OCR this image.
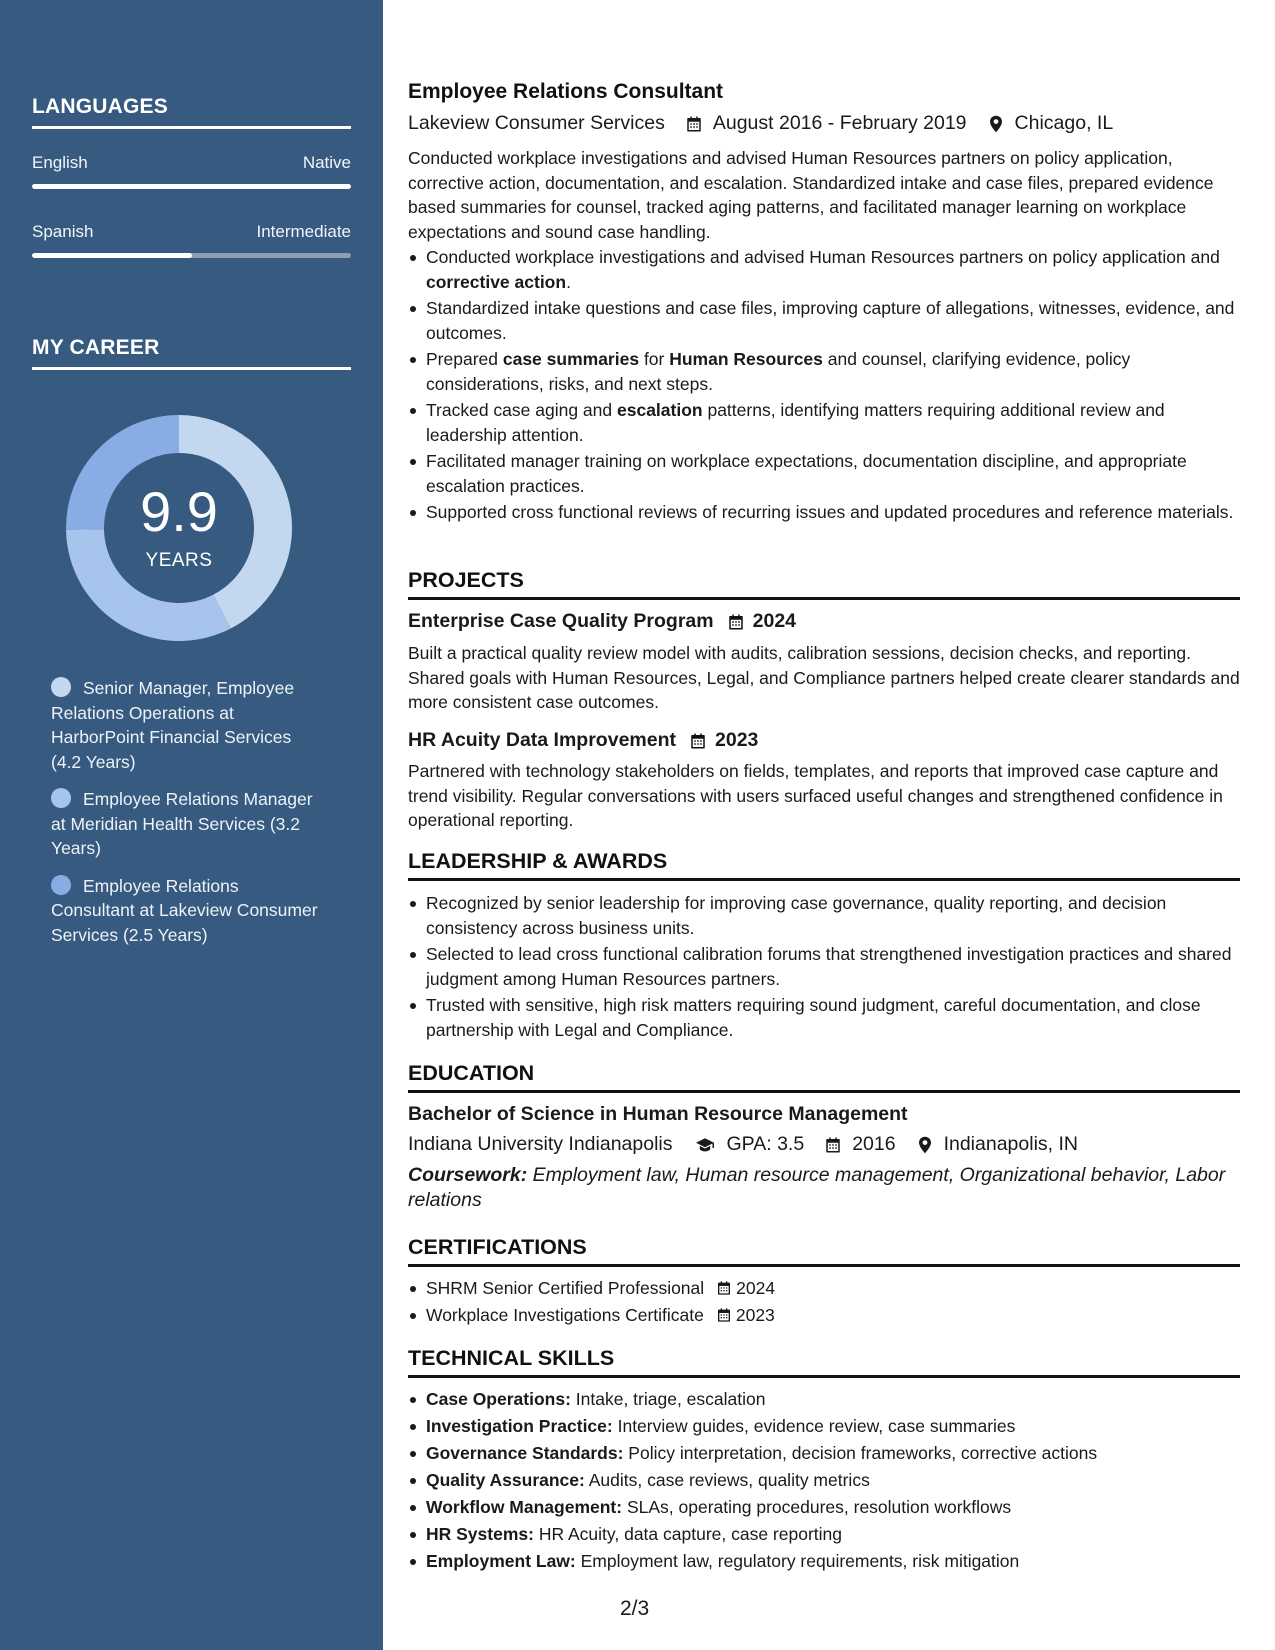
LANGUAGES
English	Native
Spanish	Intermediate
MY CAREER
9.9
YEARS
Senior Manager, Employee Relations Operations at HarborPoint Financial Services (4.2 Years)
Employee Relations Manager at Meridian Health Services (3.2 Years)
Employee Relations Consultant at Lakeview Consumer Services (2.5 Years)
Employee Relations Consultant
Lakeview Consumer Services August 2016 - February 2019 Chicago, IL
Conducted workplace investigations and advised Human Resources partners on policy application, corrective action, documentation, and escalation. Standardized intake and case files, prepared evidence based summaries for counsel, tracked aging patterns, and facilitated manager learning on workplace expectations and sound case handling.
Conducted workplace investigations and advised Human Resources partners on policy application and corrective action.
Standardized intake questions and case files, improving capture of allegations, witnesses, evidence, and outcomes.
Prepared case summaries for Human Resources and counsel, clarifying evidence, policy considerations, risks, and next steps.
Tracked case aging and escalation patterns, identifying matters requiring additional review and leadership attention.
Facilitated manager training on workplace expectations, documentation discipline, and appropriate escalation practices.
Supported cross functional reviews of recurring issues and updated procedures and reference materials.
PROJECTS
Enterprise Case Quality Program 2024
Built a practical quality review model with audits, calibration sessions, decision checks, and reporting. Shared goals with Human Resources, Legal, and Compliance partners helped create clearer standards and more consistent case outcomes.
HR Acuity Data Improvement 2023
Partnered with technology stakeholders on fields, templates, and reports that improved case capture and trend visibility. Regular conversations with users surfaced useful changes and strengthened confidence in operational reporting.
LEADERSHIP & AWARDS
Recognized by senior leadership for improving case governance, quality reporting, and decision consistency across business units.
Selected to lead cross functional calibration forums that strengthened investigation practices and shared judgment among Human Resources partners.
Trusted with sensitive, high risk matters requiring sound judgment, careful documentation, and close partnership with Legal and Compliance.
EDUCATION
Bachelor of Science in Human Resource Management
Indiana University Indianapolis	GPA: 3.5 2016 Indianapolis, IN
Coursework: Employment law, Human resource management, Organizational behavior, Labor relations
CERTIFICATIONS
SHRM Senior Certified Professional 2024
Workplace Investigations Certificate 2023
TECHNICAL SKILLS
Case Operations: Intake, triage, escalation
Investigation Practice: Interview guides, evidence review, case summaries
Governance Standards: Policy interpretation, decision frameworks, corrective actions
Quality Assurance: Audits, case reviews, quality metrics
Workflow Management: SLAs, operating procedures, resolution workflows
HR Systems: HR Acuity, data capture, case reporting
Employment Law: Employment law, regulatory requirements, risk mitigation
2/3
